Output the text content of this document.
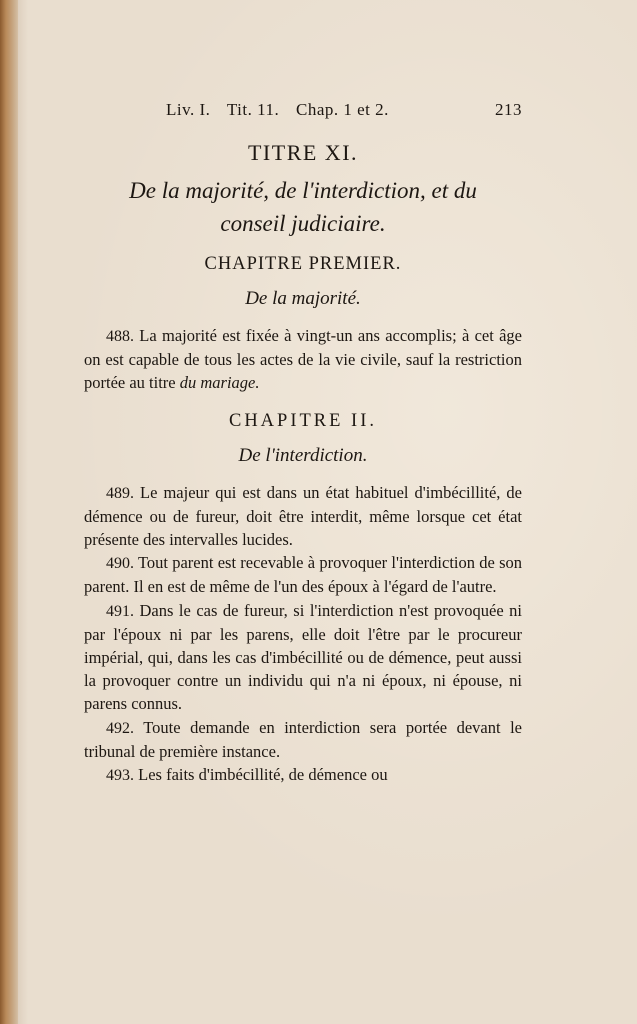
Liv. I. Tit. 11. Chap. 1 et 2.	213
TITRE XI.
De la majorité, de l'interdiction, et du
conseil judiciaire.
CHAPITRE PREMIER.
De la majorité.

488. La majorité est fixée à vingt-un ans accomplis; à cet âge on est capable de tous les actes de la vie civile, sauf la restriction portée au titre du mariage.

CHAPITRE II.
De l'interdiction.

489. Le majeur qui est dans un état habituel d'imbécillité, de démence ou de fureur, doit être interdit, même lorsque cet état présente des intervalles lucides.

490. Tout parent est recevable à provoquer l'interdiction de son parent. Il en est de même de l'un des époux à l'égard de l'autre.

491. Dans le cas de fureur, si l'interdiction n'est provoquée ni par l'époux ni par les parens, elle doit l'être par le procureur impérial, qui, dans les cas d'imbécillité ou de démence, peut aussi la provoquer contre un individu qui n'a ni époux, ni épouse, ni parens connus.

492. Toute demande en interdiction sera portée devant le tribunal de première instance.

493. Les faits d'imbécillité, de démence ou
